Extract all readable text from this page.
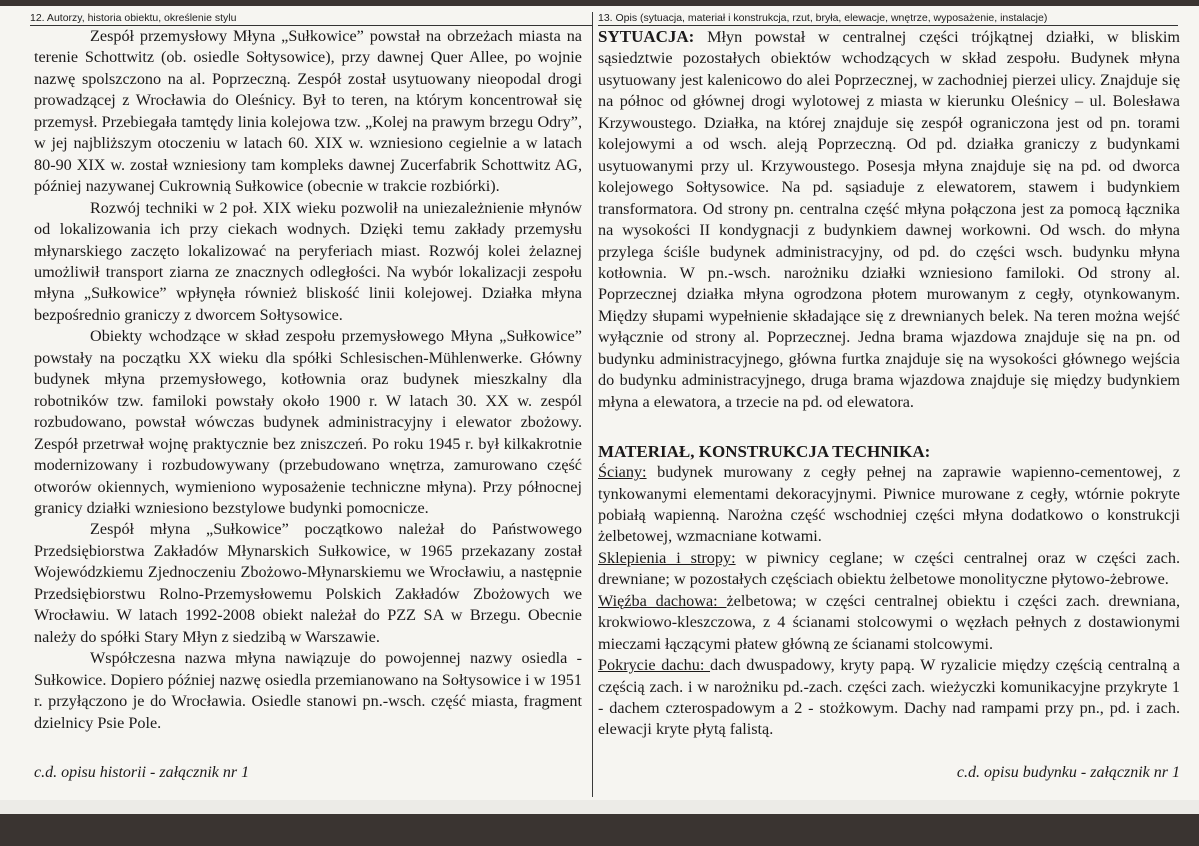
12. Autorzy, historia obiektu, określenie stylu	13. Opis (sytuacja, materiał i konstrukcja, rzut, bryła, elewacje, wnętrze, wyposażenie, instalacje)

Zespół przemysłowy Młyna „Sułkowice” powstał na obrzeżach miasta na terenie Schottwitz (ob. osiedle Sołtysowice), przy dawnej Quer Allee, po wojnie nazwę spolszczono na al. Poprzeczną. Zespół został usytuowany nieopodal drogi prowadzącej z Wrocławia do Oleśnicy. Był to teren, na którym koncentrował się przemysł. Przebiegała tamtędy linia kolejowa tzw. „Kolej na prawym brzegu Odry”, w jej najbliższym otoczeniu w latach 60. XIX w. wzniesiono cegielnie a w latach 80-90 XIX w. został wzniesiony tam kompleks dawnej Zucerfabrik Schottwitz AG, później nazywanej Cukrownią Sułkowice (obecnie w trakcie rozbiórki).

Rozwój techniki w 2 poł. XIX wieku pozwolił na uniezależnienie młynów od lokalizowania ich przy ciekach wodnych. Dzięki temu zakłady przemysłu młynarskiego zaczęto lokalizować na peryferiach miast. Rozwój kolei żelaznej umożliwił transport ziarna ze znacznych odległości. Na wybór lokalizacji zespołu młyna „Sułkowice” wpłynęła również bliskość linii kolejowej. Działka młyna bezpośrednio graniczy z dworcem Sołtysowice.

Obiekty wchodzące w skład zespołu przemysłowego Młyna „Sułkowice” powstały na początku XX wieku dla spółki Schlesischen-Mühlenwerke. Główny budynek młyna przemysłowego, kotłownia oraz budynek mieszkalny dla robotników tzw. familoki powstały około 1900 r. W latach 30. XX w. zespól rozbudowano, powstał wówczas budynek administracyjny i elewator zbożowy. Zespół przetrwał wojnę praktycznie bez zniszczeń. Po roku 1945 r. był kilkakrotnie modernizowany i rozbudowywany (przebudowano wnętrza, zamurowano część otworów okiennych, wymieniono wyposażenie techniczne młyna). Przy północnej granicy działki wzniesiono bezstylowe budynki pomocnicze.

Zespół młyna „Sułkowice” początkowo należał do Państwowego Przedsiębiorstwa Zakładów Młynarskich Sułkowice, w 1965 przekazany został Wojewódzkiemu Zjednoczeniu Zbożowo-Młynarskiemu we Wrocławiu, a następnie Przedsiębiorstwu Rolno-Przemysłowemu Polskich Zakładów Zbożowych we Wrocławiu. W latach 1992-2008 obiekt należał do PZZ SA w Brzegu. Obecnie należy do spółki Stary Młyn z siedzibą w Warszawie.

Współczesna nazwa młyna nawiązuje do powojennej nazwy osiedla - Sułkowice. Dopiero później nazwę osiedla przemianowano na Sołtysowice i w 1951 r. przyłączono je do Wrocławia. Osiedle stanowi pn.-wsch. część miasta, fragment dzielnicy Psie Pole.

SYTUACJA: Młyn powstał w centralnej części trójkątnej działki, w bliskim sąsiedztwie pozostałych obiektów wchodzących w skład zespołu. Budynek młyna usytuowany jest kalenicowo do alei Poprzecznej, w zachodniej pierzei ulicy. Znajduje się na północ od głównej drogi wylotowej z miasta w kierunku Oleśnicy – ul. Bolesława Krzywoustego. Działka, na której znajduje się zespół ograniczona jest od pn. torami kolejowymi a od wsch. aleją Poprzeczną. Od pd. działka graniczy z budynkami usytuowanymi przy ul. Krzywoustego. Posesja młyna znajduje się na pd. od dworca kolejowego Sołtysowice. Na pd. sąsiaduje z elewatorem, stawem i budynkiem transformatora. Od strony pn. centralna część młyna połączona jest za pomocą łącznika na wysokości II kondygnacji z budynkiem dawnej workowni. Od wsch. do młyna przylega ściśle budynek administracyjny, od pd. do części wsch. budynku młyna kotłownia. W pn.-wsch. narożniku działki wzniesiono familoki. Od strony al. Poprzecznej działka młyna ogrodzona płotem murowanym z cegły, otynkowanym. Między słupami wypełnienie składające się z drewnianych belek. Na teren można wejść wyłącznie od strony al. Poprzecznej. Jedna brama wjazdowa znajduje się na pn. od budynku administracyjnego, główna furtka znajduje się na wysokości głównego wejścia do budynku administracyjnego, druga brama wjazdowa znajduje się między budynkiem młyna a elewatora, a trzecie na pd. od elewatora.

MATERIAŁ, KONSTRUKCJA TECHNIKA:

Ściany: budynek murowany z cegły pełnej na zaprawie wapienno-cementowej, z tynkowanymi elementami dekoracyjnymi. Piwnice murowane z cegły, wtórnie pokryte pobiałą wapienną. Narożna część wschodniej części młyna dodatkowo o konstrukcji żelbetowej, wzmacniane kotwami.

Sklepienia i stropy: w piwnicy ceglane; w części centralnej oraz w części zach. drewniane; w pozostałych częściach obiektu żelbetowe monolityczne płytowo-żebrowe.

Więźba dachowa: żelbetowa; w części centralnej obiektu i części zach. drewniana, krokwiowo-kleszczowa, z 4 ścianami stolcowymi o węzłach pełnych z dostawionymi mieczami łączącymi płatew główną ze ścianami stolcowymi.

Pokrycie dachu: dach dwuspadowy, kryty papą. W ryzalicie między częścią centralną a częścią zach. i w narożniku pd.-zach. części zach. wieżyczki komunikacyjne przykryte 1 - dachem czterospadowym a 2 - stożkowym. Dachy nad rampami przy pn., pd. i zach. elewacji kryte płytą falistą.

c.d. opisu historii - załącznik nr 1	c.d. opisu budynku - załącznik nr 1
